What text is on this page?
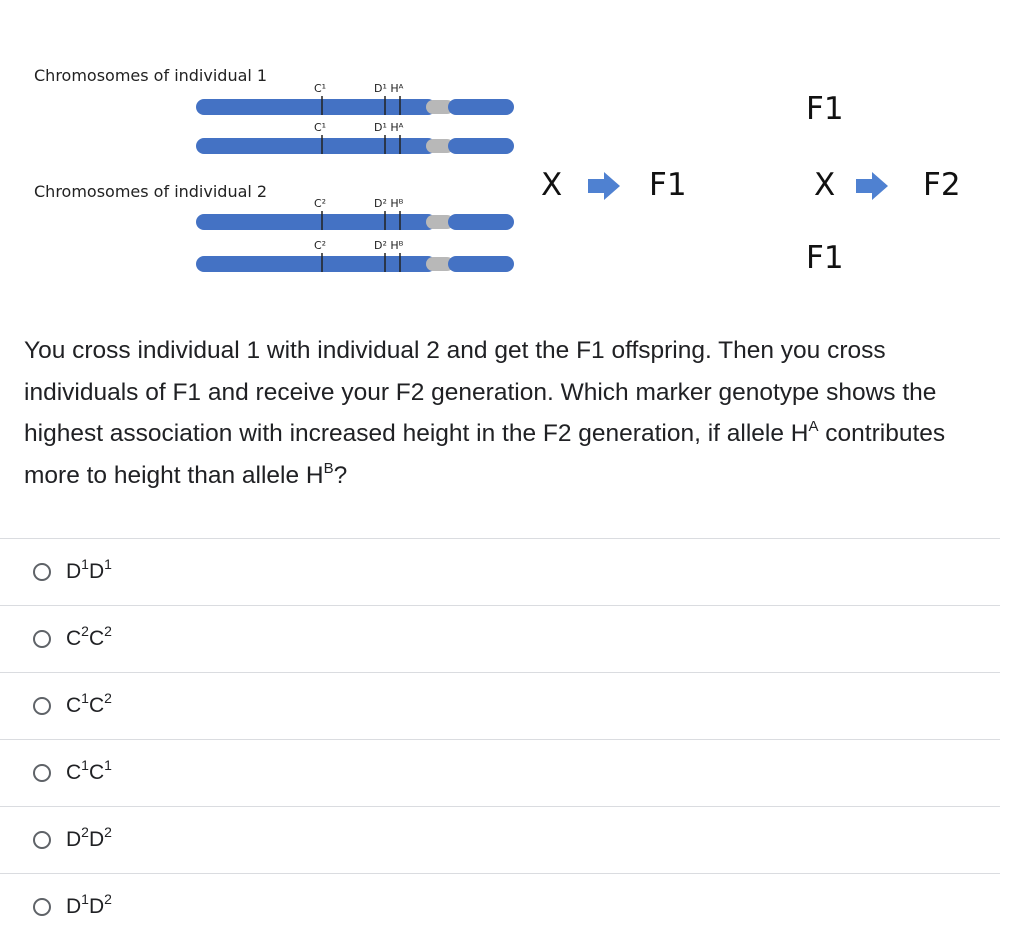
Chromosomes of individual 1
Chromosomes of individual 2
C¹	D¹ Hᴬ
C¹	D¹ Hᴬ
C²	D² Hᴮ
C²	D² Hᴮ
X	F1
F1
X	F2
F1
You cross individual 1 with individual 2 and get the F1 offspring. Then you cross individuals of F1 and receive your F2 generation. Which marker genotype shows the highest association with increased height in the F2 generation, if allele $H^A$ contributes more to height than allele $H^B$?
$D^1D^1$
$C^2C^2$
$C^1C^2$
$C^1C^1$
$D^2D^2$
$D^1D^2$
